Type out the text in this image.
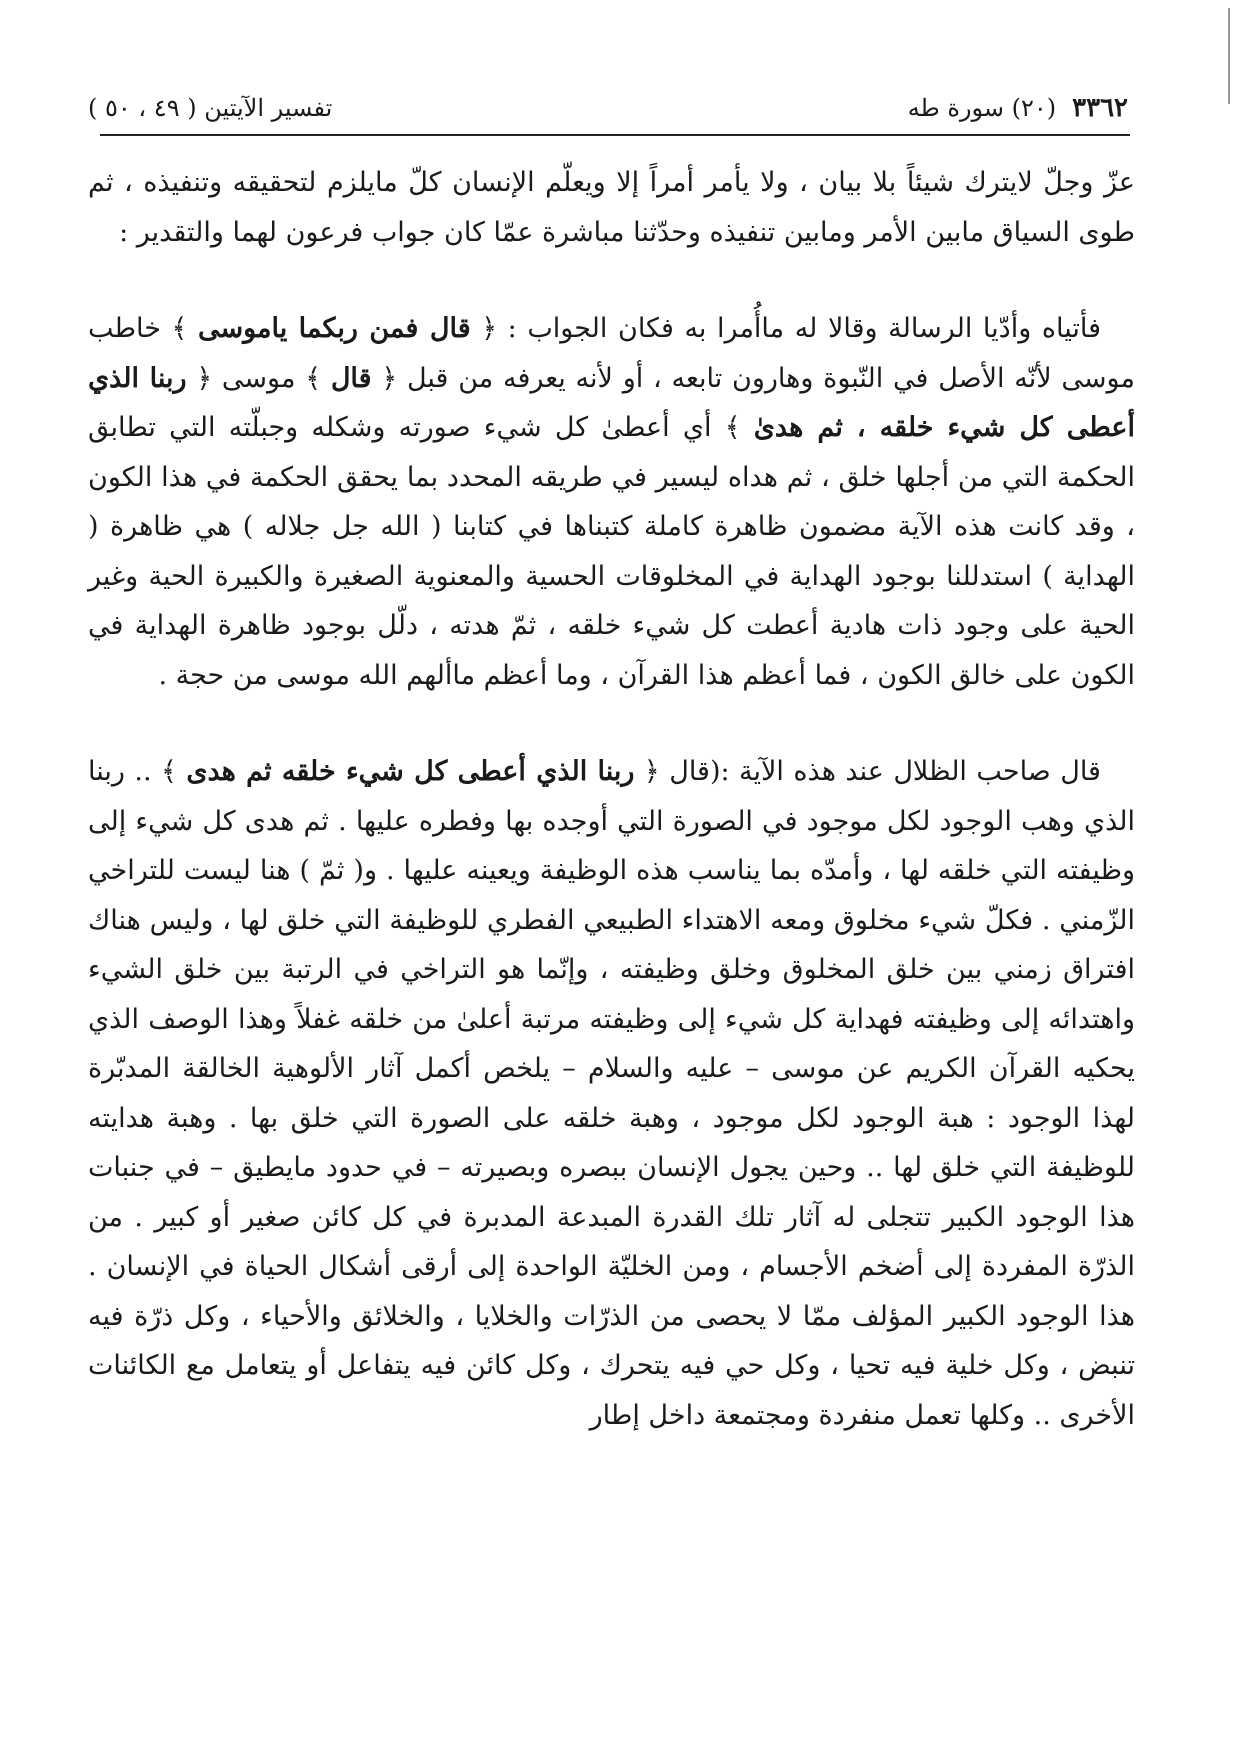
٣٣٦٢
(٢٠) سورة طه
تفسير الآيتين ( ٤٩ ، ٥٠ )

عزّ وجلّ لايترك شيئاً بلا بيان ، ولا يأمر أمراً إلا ويعلّم الإنسان كلّ مايلزم لتحقيقه وتنفيذه ، ثم طوى السياق مابين الأمر ومابين تنفيذه وحدّثنا مباشرة عمّا كان جواب فرعون لهما والتقدير :

فأتياه وأدّيا الرسالة وقالا له ماأُمرا به فكان الجواب : ﴿ قال فمن ربكما ياموسى ﴾ خاطب موسى لأنّه الأصل في النّبوة وهارون تابعه ، أو لأنه يعرفه من قبل ﴿ قال ﴾ موسى ﴿ ربنا الذي أعطى كل شيء خلقه ، ثم هدىٰ ﴾ أي أعطىٰ كل شيء صورته وشكله وجبلّته التي تطابق الحكمة التي من أجلها خلق ، ثم هداه ليسير في طريقه المحدد بما يحقق الحكمة في هذا الكون ، وقد كانت هذه الآية مضمون ظاهرة كاملة كتبناها في كتابنا ( الله جل جلاله ) هي ظاهرة ( الهداية ) استدللنا بوجود الهداية في المخلوقات الحسية والمعنوية الصغيرة والكبيرة الحية وغير الحية على وجود ذات هادية أعطت كل شيء خلقه ، ثمّ هدته ، دلّل بوجود ظاهرة الهداية في الكون على خالق الكون ، فما أعظم هذا القرآن ، وما أعظم ماألهم الله موسى من حجة .

قال صاحب الظلال عند هذه الآية :(قال ﴿ ربنا الذي أعطى كل شيء خلقه ثم هدى ﴾ .. ربنا الذي وهب الوجود لكل موجود في الصورة التي أوجده بها وفطره عليها . ثم هدى كل شيء إلى وظيفته التي خلقه لها ، وأمدّه بما يناسب هذه الوظيفة ويعينه عليها . و( ثمّ ) هنا ليست للتراخي الزّمني . فكلّ شيء مخلوق ومعه الاهتداء الطبيعي الفطري للوظيفة التي خلق لها ، وليس هناك افتراق زمني بين خلق المخلوق وخلق وظيفته ، وإنّما هو التراخي في الرتبة بين خلق الشيء واهتدائه إلى وظيفته فهداية كل شيء إلى وظيفته مرتبة أعلىٰ من خلقه غفلاً وهذا الوصف الذي يحكيه القرآن الكريم عن موسى – عليه والسلام – يلخص أكمل آثار الألوهية الخالقة المدبّرة لهذا الوجود : هبة الوجود لكل موجود ، وهبة خلقه على الصورة التي خلق بها . وهبة هدايته للوظيفة التي خلق لها .. وحين يجول الإنسان ببصره وبصيرته – في حدود مايطيق – في جنبات هذا الوجود الكبير تتجلى له آثار تلك القدرة المبدعة المدبرة في كل كائن صغير أو كبير . من الذرّة المفردة إلى أضخم الأجسام ، ومن الخليّة الواحدة إلى أرقى أشكال الحياة في الإنسان . هذا الوجود الكبير المؤلف ممّا لا يحصى من الذرّات والخلايا ، والخلائق والأحياء ، وكل ذرّة فيه تنبض ، وكل خلية فيه تحيا ، وكل حي فيه يتحرك ، وكل كائن فيه يتفاعل أو يتعامل مع الكائنات الأخرى .. وكلها تعمل منفردة ومجتمعة داخل إطار
